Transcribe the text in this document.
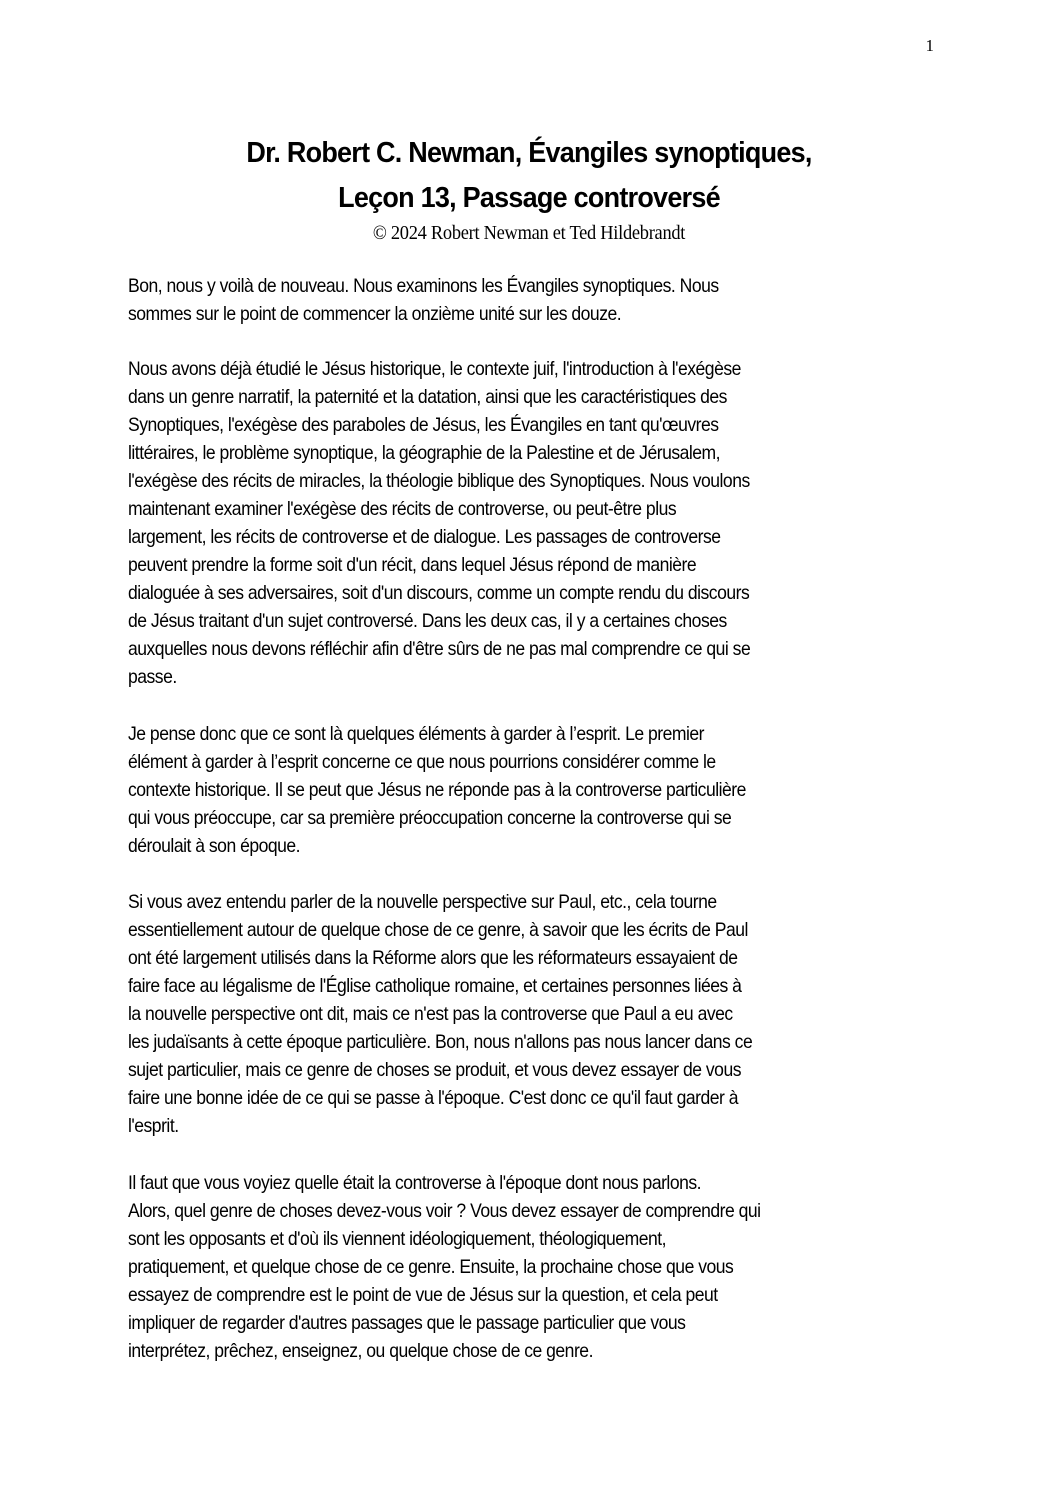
1
Dr. Robert C. Newman, Évangiles synoptiques,
Leçon 13, Passage controversé
© 2024 Robert Newman et Ted Hildebrandt
Bon, nous y voilà de nouveau. Nous examinons les Évangiles synoptiques. Nous
sommes sur le point de commencer la onzième unité sur les douze.
Nous avons déjà étudié le Jésus historique, le contexte juif, l'introduction à l'exégèse
dans un genre narratif, la paternité et la datation, ainsi que les caractéristiques des
Synoptiques, l'exégèse des paraboles de Jésus, les Évangiles en tant qu'œuvres
littéraires, le problème synoptique, la géographie de la Palestine et de Jérusalem,
l'exégèse des récits de miracles, la théologie biblique des Synoptiques. Nous voulons
maintenant examiner l'exégèse des récits de controverse, ou peut-être plus
largement, les récits de controverse et de dialogue. Les passages de controverse
peuvent prendre la forme soit d'un récit, dans lequel Jésus répond de manière
dialoguée à ses adversaires, soit d'un discours, comme un compte rendu du discours
de Jésus traitant d'un sujet controversé. Dans les deux cas, il y a certaines choses
auxquelles nous devons réfléchir afin d'être sûrs de ne pas mal comprendre ce qui se
passe.
Je pense donc que ce sont là quelques éléments à garder à l’esprit. Le premier
élément à garder à l’esprit concerne ce que nous pourrions considérer comme le
contexte historique. Il se peut que Jésus ne réponde pas à la controverse particulière
qui vous préoccupe, car sa première préoccupation concerne la controverse qui se
déroulait à son époque.
Si vous avez entendu parler de la nouvelle perspective sur Paul, etc., cela tourne
essentiellement autour de quelque chose de ce genre, à savoir que les écrits de Paul
ont été largement utilisés dans la Réforme alors que les réformateurs essayaient de
faire face au légalisme de l'Église catholique romaine, et certaines personnes liées à
la nouvelle perspective ont dit, mais ce n'est pas la controverse que Paul a eu avec
les judaïsants à cette époque particulière. Bon, nous n'allons pas nous lancer dans ce
sujet particulier, mais ce genre de choses se produit, et vous devez essayer de vous
faire une bonne idée de ce qui se passe à l'époque. C'est donc ce qu'il faut garder à
l'esprit.
Il faut que vous voyiez quelle était la controverse à l'époque dont nous parlons.
Alors, quel genre de choses devez-vous voir ? Vous devez essayer de comprendre qui
sont les opposants et d'où ils viennent idéologiquement, théologiquement,
pratiquement, et quelque chose de ce genre. Ensuite, la prochaine chose que vous
essayez de comprendre est le point de vue de Jésus sur la question, et cela peut
impliquer de regarder d'autres passages que le passage particulier que vous
interprétez, prêchez, enseignez, ou quelque chose de ce genre.
